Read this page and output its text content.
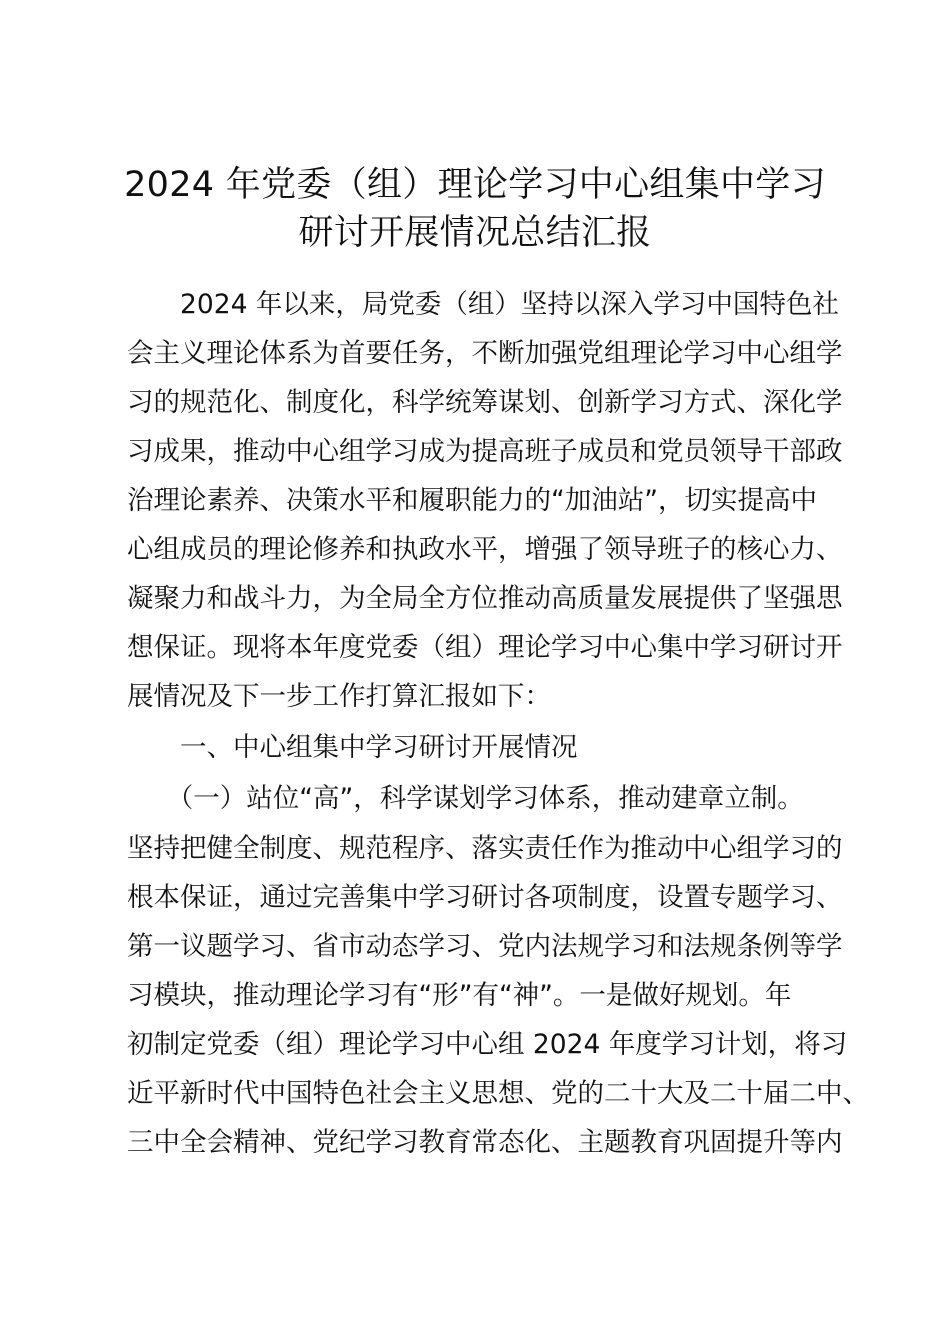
2024 年党委（组）理论学习中心组集中学习
研讨开展情况总结汇报
　　2024 年以来，局党委（组）坚持以深入学习中国特色社
会主义理论体系为首要任务，不断加强党组理论学习中心组学
习的规范化、制度化，科学统筹谋划、创新学习方式、深化学
习成果，推动中心组学习成为提高班子成员和党员领导干部政
治理论素养、决策水平和履职能力的“加油站”，切实提高中
心组成员的理论修养和执政水平，增强了领导班子的核心力、
凝聚力和战斗力，为全局全方位推动高质量发展提供了坚强思
想保证。现将本年度党委（组）理论学习中心集中学习研讨开
展情况及下一步工作打算汇报如下：
　　一、中心组集中学习研讨开展情况
　　（一）站位“高”，科学谋划学习体系，推动建章立制。
坚持把健全制度、规范程序、落实责任作为推动中心组学习的
根本保证，通过完善集中学习研讨各项制度，设置专题学习、
第一议题学习、省市动态学习、党内法规学习和法规条例等学
习模块，推动理论学习有“形”有“神”。一是做好规划。年
初制定党委（组）理论学习中心组 2024 年度学习计划，将习
近平新时代中国特色社会主义思想、党的二十大及二十届二中、
三中全会精神、党纪学习教育常态化、主题教育巩固提升等内
